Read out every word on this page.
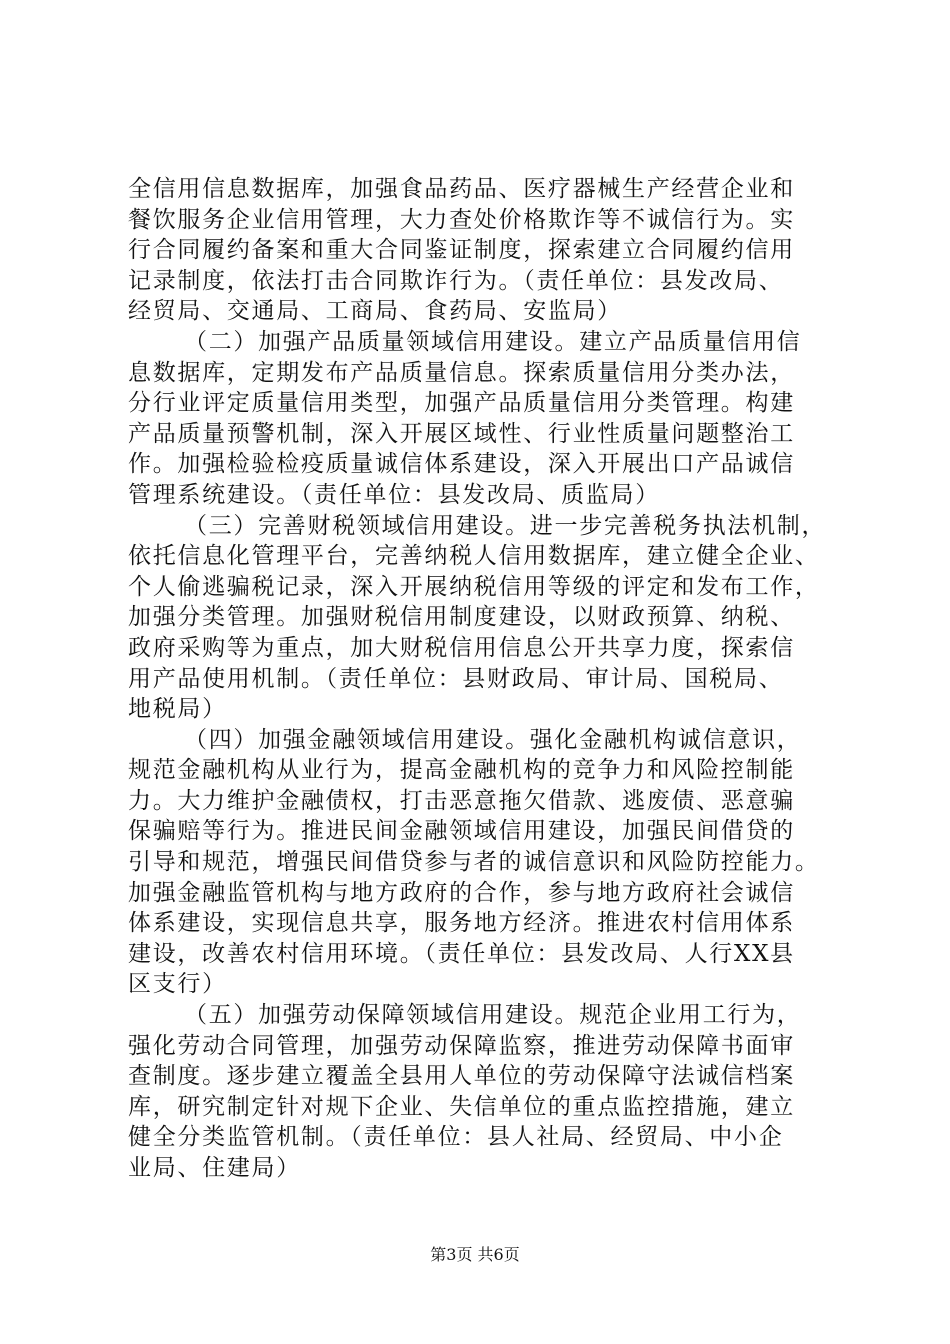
全信用信息数据库，加强食品药品、医疗器械生产经营企业和
餐饮服务企业信用管理，大力查处价格欺诈等不诚信行为。实
行合同履约备案和重大合同鉴证制度，探索建立合同履约信用
记录制度，依法打击合同欺诈行为。（责任单位：县发改局、
经贸局、交通局、工商局、食药局、安监局）
（二）加强产品质量领域信用建设。建立产品质量信用信
息数据库，定期发布产品质量信息。探索质量信用分类办法，
分行业评定质量信用类型，加强产品质量信用分类管理。构建
产品质量预警机制，深入开展区域性、行业性质量问题整治工
作。加强检验检疫质量诚信体系建设，深入开展出口产品诚信
管理系统建设。（责任单位：县发改局、质监局）
（三）完善财税领域信用建设。进一步完善税务执法机制，
依托信息化管理平台，完善纳税人信用数据库，建立健全企业、
个人偷逃骗税记录，深入开展纳税信用等级的评定和发布工作，
加强分类管理。加强财税信用制度建设，以财政预算、纳税、
政府采购等为重点，加大财税信用信息公开共享力度，探索信
用产品使用机制。（责任单位：县财政局、审计局、国税局、
地税局）
（四）加强金融领域信用建设。强化金融机构诚信意识，
规范金融机构从业行为，提高金融机构的竞争力和风险控制能
力。大力维护金融债权，打击恶意拖欠借款、逃废债、恶意骗
保骗赔等行为。推进民间金融领域信用建设，加强民间借贷的
引导和规范，增强民间借贷参与者的诚信意识和风险防控能力。
加强金融监管机构与地方政府的合作，参与地方政府社会诚信
体系建设，实现信息共享，服务地方经济。推进农村信用体系
建设，改善农村信用环境。（责任单位：县发改局、人行XX县
区支行）
（五）加强劳动保障领域信用建设。规范企业用工行为，
强化劳动合同管理，加强劳动保障监察，推进劳动保障书面审
查制度。逐步建立覆盖全县用人单位的劳动保障守法诚信档案
库，研究制定针对规下企业、失信单位的重点监控措施，建立
健全分类监管机制。（责任单位：县人社局、经贸局、中小企
业局、住建局）
第3页 共6页
